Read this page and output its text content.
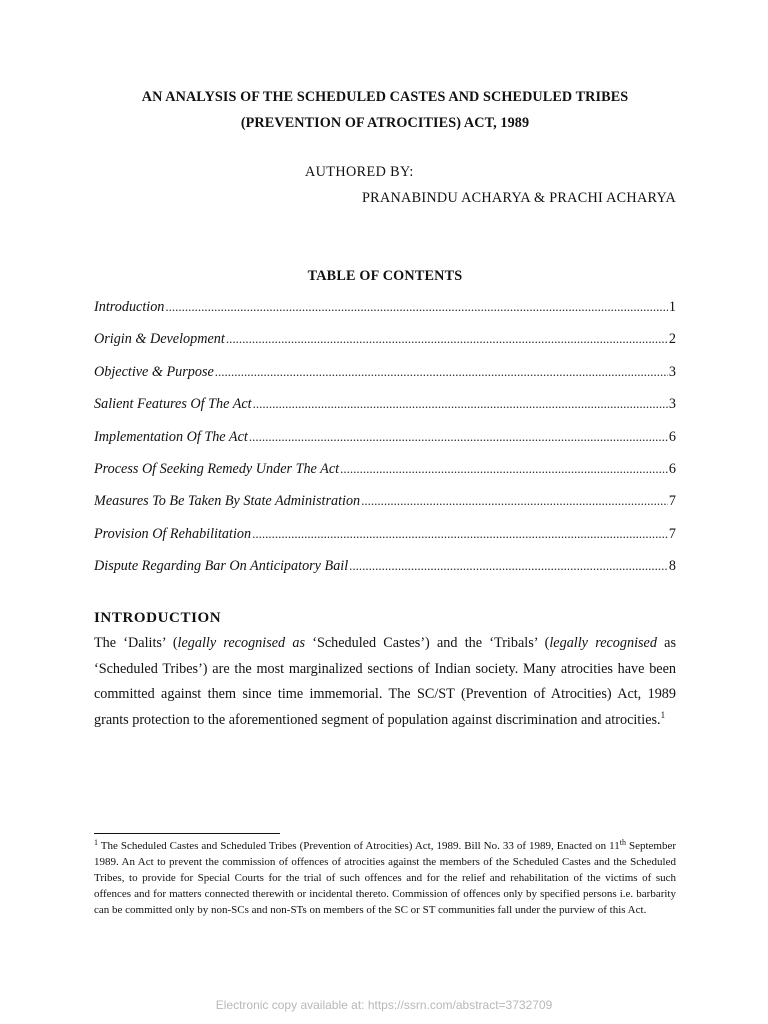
AN ANALYSIS OF THE SCHEDULED CASTES AND SCHEDULED TRIBES
(PREVENTION OF ATROCITIES) ACT, 1989
AUTHORED BY:
PRANABINDU ACHARYA & PRACHI ACHARYA
TABLE OF CONTENTS
Introduction .....	1
Origin & Development .....	2
Objective & Purpose .....	3
Salient Features Of The Act .....	3
Implementation Of The Act .....	6
Process Of Seeking Remedy Under The Act .....	6
Measures To Be Taken By State Administration .....	7
Provision Of Rehabilitation .....	7
Dispute Regarding Bar On Anticipatory Bail .....	8
INTRODUCTION
The ‘Dalits’ (legally recognised as ‘Scheduled Castes’) and the ‘Tribals’ (legally recognised as ‘Scheduled Tribes’) are the most marginalized sections of Indian society. Many atrocities have been committed against them since time immemorial. The SC/ST (Prevention of Atrocities) Act, 1989 grants protection to the aforementioned segment of population against discrimination and atrocities.$^1$
$^1$ The Scheduled Castes and Scheduled Tribes (Prevention of Atrocities) Act, 1989. Bill No. 33 of 1989, Enacted on 11th September 1989. An Act to prevent the commission of offences of atrocities against the members of the Scheduled Castes and the Scheduled Tribes, to provide for Special Courts for the trial of such offences and for the relief and rehabilitation of the victims of such offences and for matters connected therewith or incidental thereto. Commission of offences only by specified persons i.e. barbarity can be committed only by non-SCs and non-STs on members of the SC or ST communities fall under the purview of this Act.
Electronic copy available at: https://ssrn.com/abstract=3732709
